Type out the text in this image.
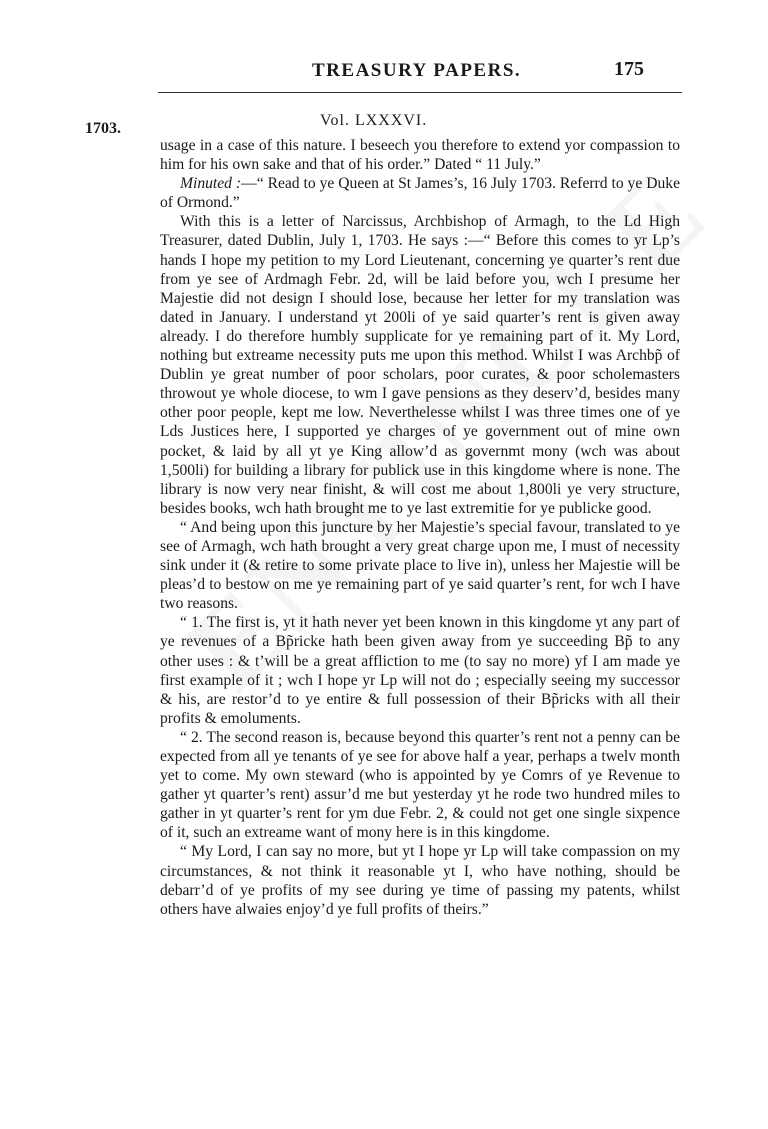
TREASURY PAPERS.	175
Vol. LXXXVI.
1703.

usage in a case of this nature. I beseech you therefore to extend yor compassion to him for his own sake and that of his order.” Dated “ 11 July.”

Minuted :—“ Read to ye Queen at St James’s, 16 July 1703. Referrd to ye Duke of Ormond.”

With this is a letter of Narcissus, Archbishop of Armagh, to the Ld High Treasurer, dated Dublin, July 1, 1703. He says :—“ Before this comes to yr Lp’s hands I hope my petition to my Lord Lieutenant, concerning ye quarter’s rent due from ye see of Ardmagh Febr. 2d, will be laid before you, wch I presume her Majestie did not design I should lose, because her letter for my translation was dated in January. I understand yt 200li of ye said quarter’s rent is given away already. I do therefore humbly supplicate for ye remaining part of it. My Lord, nothing but extreame necessity puts me upon this method. Whilst I was Archbp̃ of Dublin ye great number of poor scholars, poor curates, & poor scholemasters throwout ye whole diocese, to wm I gave pensions as they deserv’d, besides many other poor people, kept me low. Neverthelesse whilst I was three times one of ye Lds Justices here, I supported ye charges of ye government out of mine own pocket, & laid by all yt ye King allow’d as governmt mony (wch was about 1,500li) for building a library for publick use in this kingdome where is none. The library is now very near finisht, & will cost me about 1,800li ye very structure, besides books, wch hath brought me to ye last extremitie for ye publicke good.

“ And being upon this juncture by her Majestie’s special favour, translated to ye see of Armagh, wch hath brought a very great charge upon me, I must of necessity sink under it (& retire to some private place to live in), unless her Majestie will be pleas’d to bestow on me ye remaining part of ye said quarter’s rent, for wch I have two reasons.

“ 1. The first is, yt it hath never yet been known in this kingdome yt any part of ye revenues of a Bp̃ricke hath been given away from ye succeeding Bp̃ to any other uses : & t’will be a great affliction to me (to say no more) yf I am made ye first example of it ; wch I hope yr Lp will not do ; especially seeing my successor & his, are restor’d to ye entire & full possession of their Bp̃ricks with all their profits & emoluments.

“ 2. The second reason is, because beyond this quarter’s rent not a penny can be expected from all ye tenants of ye see for above half a year, perhaps a twelv month yet to come. My own steward (who is appointed by ye Comrs of ye Revenue to gather yt quarter’s rent) assur’d me but yesterday yt he rode two hundred miles to gather in yt quarter’s rent for ym due Febr. 2, & could not get one single sixpence of it, such an extreame want of mony here is in this kingdome.

“ My Lord, I can say no more, but yt I hope yr Lp will take compassion on my circumstances, & not think it reasonable yt I, who have nothing, should be debarr’d of ye profits of my see during ye time of passing my patents, whilst others have alwaies enjoy’d ye full profits of theirs.”
